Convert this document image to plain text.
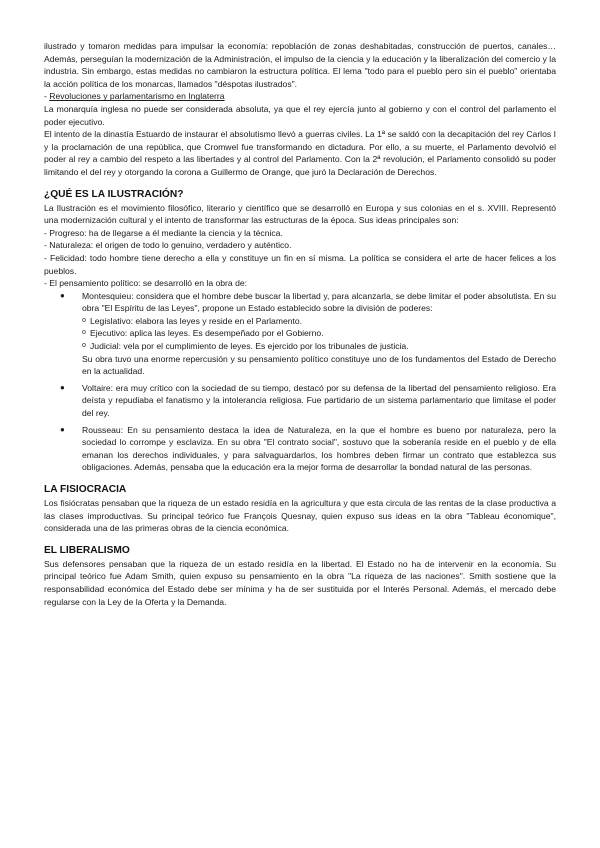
ilustrado y tomaron medidas para impulsar la economía: repoblación de zonas deshabitadas, construcción de puertos, canales… Además, perseguían la modernización de la Administración, el impulso de la ciencia y la educación y la liberalización del comercio y la industria. Sin embargo, estas medidas no cambiaron la estructura política. El lema "todo para el pueblo pero sin el pueblo" orientaba la acción política de los monarcas, llamados "déspotas ilustrados".

- Revoluciones y parlamentarismo en Inglaterra

La monarquía inglesa no puede ser considerada absoluta, ya que el rey ejercía junto al gobierno y con el control del parlamento el poder ejecutivo.

El intento de la dinastía Estuardo de instaurar el absolutismo llevó a guerras civiles. La 1ª se saldó con la decapitación del rey Carlos I y la proclamación de una república, que Cromwel fue transformando en dictadura. Por ello, a su muerte, el Parlamento devolvió el poder al rey a cambio del respeto a las libertades y al control del Parlamento. Con la 2ª revolución, el Parlamento consolidó su poder limitando el del rey y otorgando la corona a Guillermo de Orange, que juró la Declaración de Derechos.

¿QUÉ ES LA ILUSTRACIÓN?

La Ilustración es el movimiento filosófico, literario y científico que se desarrolló en Europa y sus colonias en el s. XVIII. Representó una modernización cultural y el intento de transformar las estructuras de la época. Sus ideas principales son:

- Progreso: ha de llegarse a él mediante la ciencia y la técnica.

- Naturaleza: el origen de todo lo genuino, verdadero y auténtico.

- Felicidad: todo hombre tiene derecho a ella y constituye un fin en sí misma. La política se considera el arte de hacer felices a los pueblos.

- El pensamiento político: se desarrolló en la obra de:

● Montesquieu: considera que el hombre debe buscar la libertad y, para alcanzarla, se debe limitar el poder absolutista. En su obra "El Espíritu de las Leyes", propone un Estado establecido sobre la división de poderes:

o Legislativo: elabora las leyes y reside en el Parlamento.
o Ejecutivo: aplica las leyes. Es desempeñado por el Gobierno.
o Judicial: vela por el cumplimiento de leyes. Es ejercido por los tribunales de justicia.

Su obra tuvo una enorme repercusión y su pensamiento político constituye uno de los fundamentos del Estado de Derecho en la actualidad.

● Voltaire: era muy crítico con la sociedad de su tiempo, destacó por su defensa de la libertad del pensamiento religioso. Era deísta y repudiaba el fanatismo y la intolerancia religiosa. Fue partidario de un sistema parlamentario que limitase el poder del rey.

● Rousseau: En su pensamiento destaca la idea de Naturaleza, en la que el hombre es bueno por naturaleza, pero la sociedad lo corrompe y esclaviza. En su obra "El contrato social", sostuvo que la soberanía reside en el pueblo y de ella emanan los derechos individuales, y para salvaguardarlos, los hombres deben firmar un contrato que establezca sus obligaciones. Además, pensaba que la educación era la mejor forma de desarrollar la bondad natural de las personas.

LA FISIOCRACIA

Los fisiócratas pensaban que la riqueza de un estado residía en la agricultura y que esta circula de las rentas de la clase productiva a las clases improductivas. Su principal teórico fue François Quesnay, quien expuso sus ideas en la obra "Tableau économique", considerada una de las primeras obras de la ciencia económica.

EL LIBERALISMO

Sus defensores pensaban que la riqueza de un estado residía en la libertad. El Estado no ha de intervenir en la economía. Su principal teórico fue Adam Smith, quien expuso su pensamiento en la obra "La riqueza de las naciones". Smith sostiene que la responsabilidad económica del Estado debe ser mínima y ha de ser sustituida por el Interés Personal. Además, el mercado debe regularse con la Ley de la Oferta y la Demanda.
